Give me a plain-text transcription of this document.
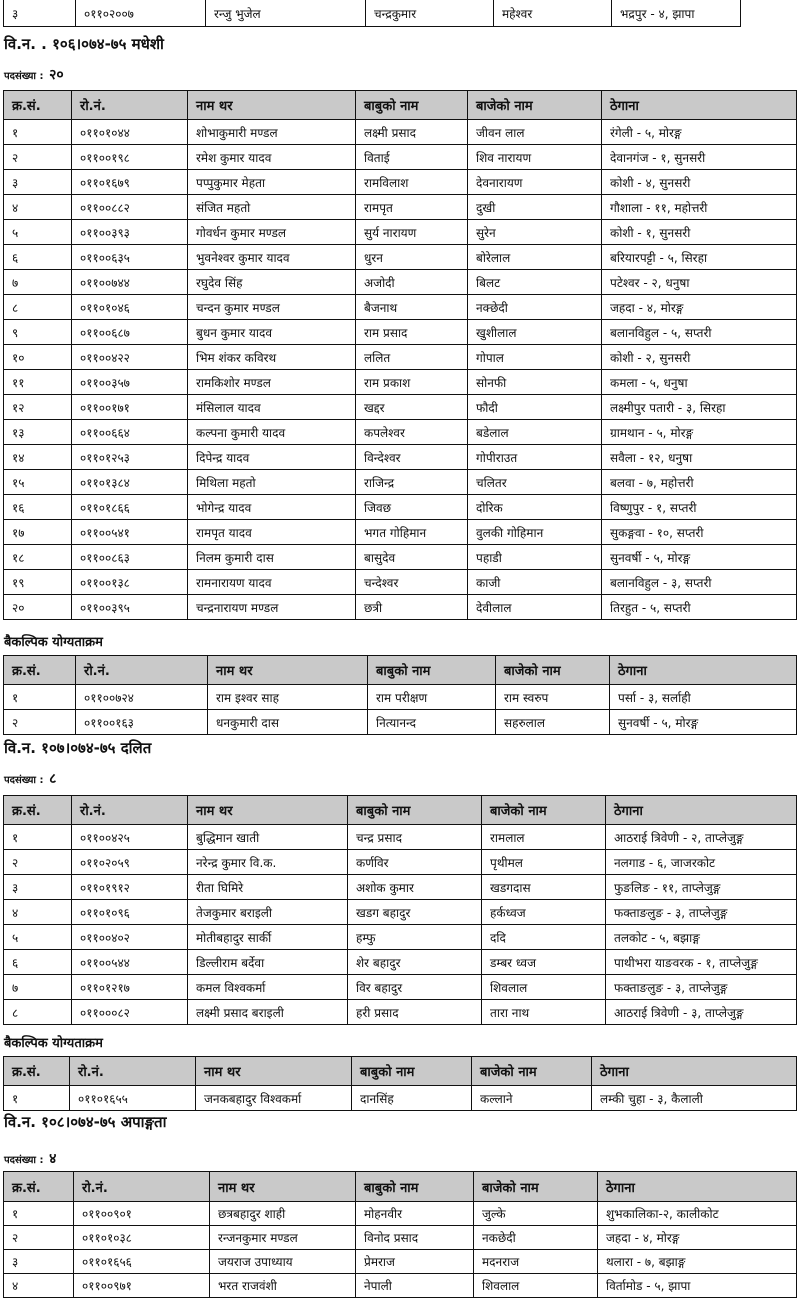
३	०११०२००७	रन्जु भुजेल	चन्द्रकुमार	महेश्वर	भद्रपुर - ४, झापा
वि.न. . १०६।०७४-७५ मधेशी
पदसंख्या : २०
क्र.सं.	रो.नं.	नाम थर	बाबुको नाम	बाजेको नाम	ठेगाना
१	०११०१०४४	शोभाकुमारी मण्डल	लक्ष्मी प्रसाद	जीवन लाल	रंगेली - ५, मोरङ्ग
२	०११००१९८	रमेश कुमार यादव	विताई	शिव नारायण	देवानगंज - १, सुनसरी
३	०११०१६७९	पप्पुकुमार मेहता	रामविलाश	देवनारायण	कोशी - ४, सुनसरी
४	०११००८८२	संजित महतो	रामपृत	दुखी	गौशाला - ११, महोत्तरी
५	०११००३९३	गोवर्धन कुमार मण्डल	सुर्य नारायण	सुरेन	कोशी - १, सुनसरी
६	०११००६३५	भुवनेश्वर कुमार यादव	धुरन	बोरेलाल	बरियारपट्टी - ५, सिरहा
७	०११००७४४	रघुदेव सिंह	अजोदी	बिलट	पटेश्वर - २, धनुषा
८	०११०१०४६	चन्दन कुमार मण्डल	बैजनाथ	नक्छेदी	जहदा - ४, मोरङ्ग
९	०११००६८७	बुधन कुमार यादव	राम प्रसाद	खुशीलाल	बलानविहुल - ५, सप्तरी
१०	०११००४२२	भिम शंकर कविरथ	ललित	गोपाल	कोशी - २, सुनसरी
११	०११००३५७	रामकिशोर मण्डल	राम प्रकाश	सोनफी	कमला - ५, धनुषा
१२	०११००१७१	मंसिलाल यादव	खद्दर	फौदी	लक्ष्मीपुर पतारी - ३, सिरहा
१३	०११००६६४	कल्पना कुमारी यादव	कपलेश्वर	बडेलाल	ग्रामथान - ५, मोरङ्ग
१४	०११०१२५३	दिपेन्द्र यादव	विन्देश्वर	गोपीराउत	सवैला - १२, धनुषा
१५	०११०१३८४	मिथिला महतो	राजिन्द्र	चलितर	बलवा - ७, महोत्तरी
१६	०११०१८६६	भोगेन्द्र यादव	जिवछ	दोरिक	विष्णुपुर - १, सप्तरी
१७	०११००५४१	रामपृत यादव	भगत गोहिमान	वुलकी गोहिमान	सुकङ्गवा - १०, सप्तरी
१८	०११००८६३	निलम कुमारी दास	बासुदेव	पहाडी	सुनवर्षी - ५, मोरङ्ग
१९	०११००१३८	रामनारायण यादव	चन्देश्वर	काजी	बलानविहुल - ३, सप्तरी
२०	०११००३९५	चन्द्रनारायण मण्डल	छत्री	देवीलाल	तिरहुत - ५, सप्तरी
बैकल्पिक योग्यताक्रम
क्र.सं.	रो.नं.	नाम थर	बाबुको नाम	बाजेको नाम	ठेगाना
१	०११००७२४	राम इश्वर साह	राम परीक्षण	राम स्वरुप	पर्सा - ३, सर्लाही
२	०११००१६३	धनकुमारी दास	नित्यानन्द	सहरुलाल	सुनवर्षी - ५, मोरङ्ग
वि.न. १०७।०७४-७५ दलित
पदसंख्या : ८
क्र.सं.	रो.नं.	नाम थर	बाबुको नाम	बाजेको नाम	ठेगाना
१	०११००४२५	बुद्धिमान खाती	चन्द्र प्रसाद	रामलाल	आठराई त्रिवेणी - २, ताप्लेजुङ्ग
२	०११०२०५९	नरेन्द्र कुमार वि.क.	कर्णविर	पृथीमल	नलगाड - ६, जाजरकोट
३	०११०१९१२	रीता घिमिरे	अशोक कुमार	खडगदास	फुङलिङ - ११, ताप्लेजुङ्ग
४	०११०१०९६	तेजकुमार बराइली	खडग बहादुर	हर्कध्वज	फक्ताङलुङ - ३, ताप्लेजुङ्ग
५	०११००४०२	मोतीबहादुर सार्की	हम्फु	ददि	तलकोट - ५, बझाङ्ग
६	०११००५४४	डिल्लीराम बर्देवा	शेर बहादुर	डम्बर ध्वज	पाथीभरा याङवरक - १, ताप्लेजुङ्ग
७	०११०१२१७	कमल विश्वकर्मा	विर बहादुर	शिवलाल	फक्ताङलुङ - ३, ताप्लेजुङ्ग
८	०११०००८२	लक्ष्मी प्रसाद बराइली	हरी प्रसाद	तारा नाथ	आठराई त्रिवेणी - ३, ताप्लेजुङ्ग
बैकल्पिक योग्यताक्रम
क्र.सं.	रो.नं.	नाम थर	बाबुको नाम	बाजेको नाम	ठेगाना
१	०११०१६५५	जनकबहादुर विश्वकर्मा	दानसिंह	कल्लाने	लम्की चुहा - ३, कैलाली
वि.न. १०८।०७४-७५ अपाङ्गता
पदसंख्या : ४
क्र.सं.	रो.नं.	नाम थर	बाबुको नाम	बाजेको नाम	ठेगाना
१	०११००९०१	छत्रबहादुर शाही	मोहनवीर	जुल्के	शुभकालिका-२, कालीकोट
२	०११०१०३८	रन्जनकुमार मण्डल	विनोद प्रसाद	नकछेदी	जहदा - ४, मोरङ्ग
३	०११०१६५६	जयराज उपाध्याय	प्रेमराज	मदनराज	थलारा - ७, बझाङ्ग
४	०११००९७१	भरत राजवंशी	नेपाली	शिवलाल	विर्तामोड - ५, झापा
